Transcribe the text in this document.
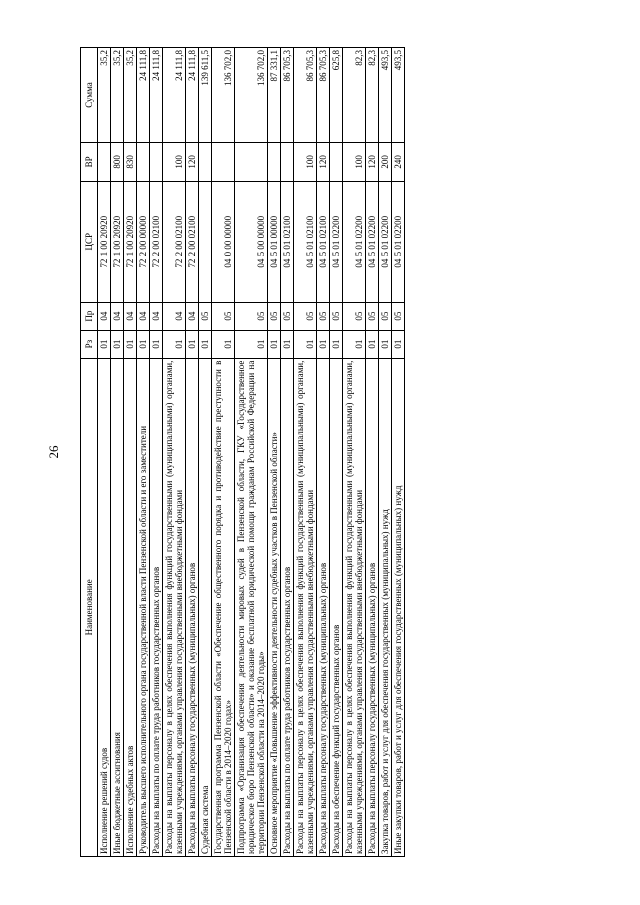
26
Наименование	Рз	Пр	ЦСР	ВР	Сумма
Исполнение решений судов	01	04	72 1 00 20920		35,2
Иные бюджетные ассигнования	01	04	72 1 00 20920	800	35,2
Исполнение судебных актов	01	04	72 1 00 20920	830	35,2
Руководитель высшего исполнительного органа государственной власти Пензенской области и его заместители	01	04	72 2 00 00000		24 111,8
Расходы на выплаты по оплате труда работников государственных органов	01	04	72 2 00 02100		24 111,8
Расходы на выплаты персоналу в целях обеспечения выполнения функций государственными (муниципальными) органами, казенными учреждениями, органами управления государственными внебюджетными фондами	01	04	72 2 00 02100	100	24 111,8
Расходы на выплаты персоналу государственных (муниципальных) органов	01	04	72 2 00 02100	120	24 111,8
Судебная система	01	05			139 611,5
Государственная программа Пензенской области «Обеспечение общественного порядка и противодействие преступности в Пензенской области в 2014–2020 годах»	01	05	04 0 00 00000		136 702,0
Подпрограмма «Организация обеспечения деятельности мировых судей в Пензенской области, ГКУ «Государственное юридическое бюро Пензенской области» и оказание бесплатной юридической помощи гражданам Российской Федерации на территории Пензенской области на 2014–2020 годы»	01	05	04 5 00 00000		136 702,0
Основное мероприятие «Повышение эффективности деятельности судебных участков в Пензенской области»	01	05	04 5 01 00000		87 331,1
Расходы на выплаты по оплате труда работников государственных органов	01	05	04 5 01 02100		86 705,3
Расходы на выплаты персоналу в целях обеспечения выполнения функций государственными (муниципальными) органами, казенными учреждениями, органами управления государственными внебюджетными фондами	01	05	04 5 01 02100	100	86 705,3
Расходы на выплаты персоналу государственных (муниципальных) органов	01	05	04 5 01 02100	120	86 705,3
Расходы на обеспечение функций государственных органов	01	05	04 5 01 02200		625,8
Расходы на выплаты персоналу в целях обеспечения выполнения функций государственными (муниципальными) органами, казенными учреждениями, органами управления государственными внебюджетными фондами	01	05	04 5 01 02200	100	82,3
Расходы на выплаты персоналу государственных (муниципальных) органов	01	05	04 5 01 02200	120	82,3
Закупка товаров, работ и услуг для обеспечения государственных (муниципальных) нужд	01	05	04 5 01 02200	200	493,5
Иные закупки товаров, работ и услуг для обеспечения государственных (муниципальных) нужд	01	05	04 5 01 02200	240	493,5
